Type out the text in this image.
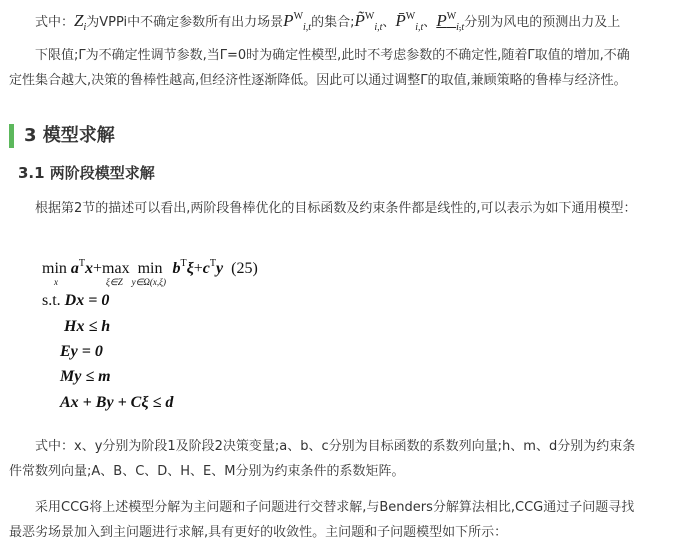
式中：$Z_i$为VPPi中不确定参数所有出力场景$P^W_{i,t}$的集合;P̃$^W_{i,t}$、P̄$^W_{i,t}$、$P^W_{i,t}$分别为风电的预测出力及上
下限值;Γ为不确定性调节参数,当Γ=0时为确定性模型,此时不考虑参数的不确定性,随着Γ取值的增加,不确
定性集合越大,决策的鲁棒性越高,但经济性逐渐降低。因此可以通过调整Γ的取值,兼顾策略的鲁棒与经济性。
3 模型求解
3.1 两阶段模型求解
根据第2节的描述可以看出,两阶段鲁棒优化的目标函数及约束条件都是线性的,可以表示为如下通用模型：
min
x
$a^Tx+\max$
ξ∈Z
min
y∈Ω(x,ξ)
$b^T\xi+c^Ty$ (25)
s.t. Dx = 0
Hx ≤ h
Ey = 0
My ≤ m
Ax + By + Cξ ≤ d
式中：x、y分别为阶段1及阶段2决策变量;a、b、c分别为目标函数的系数列向量;h、m、d分别为约束条
件常数列向量;A、B、C、D、H、E、M分别为约束条件的系数矩阵。
采用CCG将上述模型分解为主问题和子问题进行交替求解,与Benders分解算法相比,CCG通过子问题寻找
最恶劣场景加入到主问题进行求解,具有更好的收敛性。主问题和子问题模型如下所示：
